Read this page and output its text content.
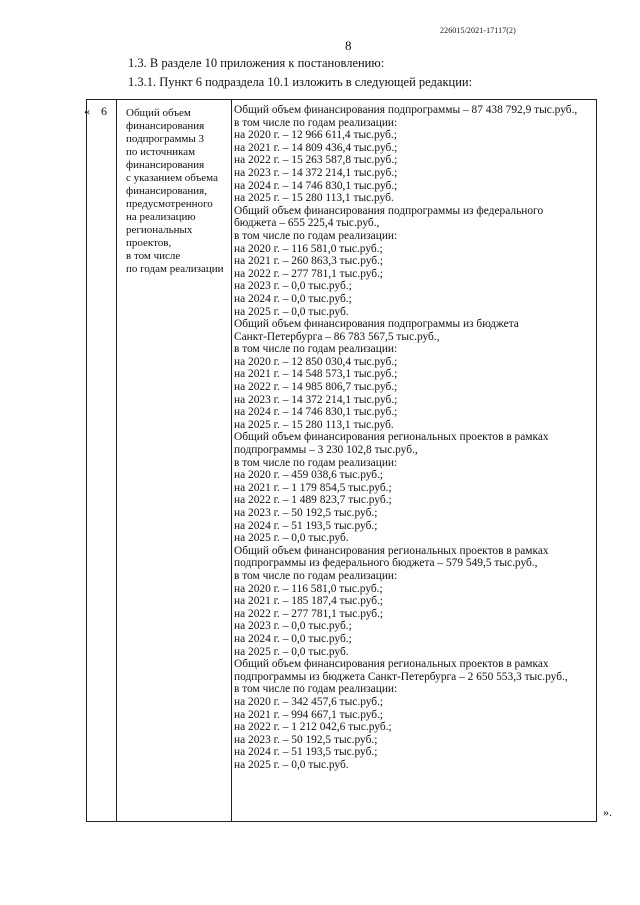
226015/2021-17117(2)
8
1.3. В разделе 10 приложения к постановлению:
1.3.1. Пункт 6 подраздела 10.1 изложить в следующей редакции:
« 6 Общий объем
финансирования
подпрограммы 3
по источникам
финансирования
с указанием объема
финансирования,
предусмотренного
на реализацию
региональных
проектов,
в том числе
по годам реализации
Общий объем финансирования подпрограммы – 87 438 792,9 тыс.руб.,
в том числе по годам реализации:
на 2020 г. – 12 966 611,4 тыс.руб.;
на 2021 г. – 14 809 436,4 тыс.руб.;
на 2022 г. – 15 263 587,8 тыс.руб.;
на 2023 г. – 14 372 214,1 тыс.руб.;
на 2024 г. – 14 746 830,1 тыс.руб.;
на 2025 г. – 15 280 113,1 тыс.руб.
Общий объем финансирования подпрограммы из федерального
бюджета – 655 225,4 тыс.руб.,
в том числе по годам реализации:
на 2020 г. – 116 581,0 тыс.руб.;
на 2021 г. – 260 863,3 тыс.руб.;
на 2022 г. – 277 781,1 тыс.руб.;
на 2023 г. – 0,0 тыс.руб.;
на 2024 г. – 0,0 тыс.руб.;
на 2025 г. – 0,0 тыс.руб.
Общий объем финансирования подпрограммы из бюджета
Санкт-Петербурга – 86 783 567,5 тыс.руб.,
в том числе по годам реализации:
на 2020 г. – 12 850 030,4 тыс.руб.;
на 2021 г. – 14 548 573,1 тыс.руб.;
на 2022 г. – 14 985 806,7 тыс.руб.;
на 2023 г. – 14 372 214,1 тыс.руб.;
на 2024 г. – 14 746 830,1 тыс.руб.;
на 2025 г. – 15 280 113,1 тыс.руб.
Общий объем финансирования региональных проектов в рамках
подпрограммы – 3 230 102,8 тыс.руб.,
в том числе по годам реализации:
на 2020 г. – 459 038,6 тыс.руб.;
на 2021 г. – 1 179 854,5 тыс.руб.;
на 2022 г. – 1 489 823,7 тыс.руб.;
на 2023 г. – 50 192,5 тыс.руб.;
на 2024 г. – 51 193,5 тыс.руб.;
на 2025 г. – 0,0 тыс.руб.
Общий объем финансирования региональных проектов в рамках
подпрограммы из федерального бюджета – 579 549,5 тыс.руб.,
в том числе по годам реализации:
на 2020 г. – 116 581,0 тыс.руб.;
на 2021 г. – 185 187,4 тыс.руб.;
на 2022 г. – 277 781,1 тыс.руб.;
на 2023 г. – 0,0 тыс.руб.;
на 2024 г. – 0,0 тыс.руб.;
на 2025 г. – 0,0 тыс.руб.
Общий объем финансирования региональных проектов в рамках
подпрограммы из бюджета Санкт-Петербурга – 2 650 553,3 тыс.руб.,
в том числе по годам реализации:
на 2020 г. – 342 457,6 тыс.руб.;
на 2021 г. – 994 667,1 тыс.руб.;
на 2022 г. – 1 212 042,6 тыс.руб.;
на 2023 г. – 50 192,5 тыс.руб.;
на 2024 г. – 51 193,5 тыс.руб.;
на 2025 г. – 0,0 тыс.руб.
».
